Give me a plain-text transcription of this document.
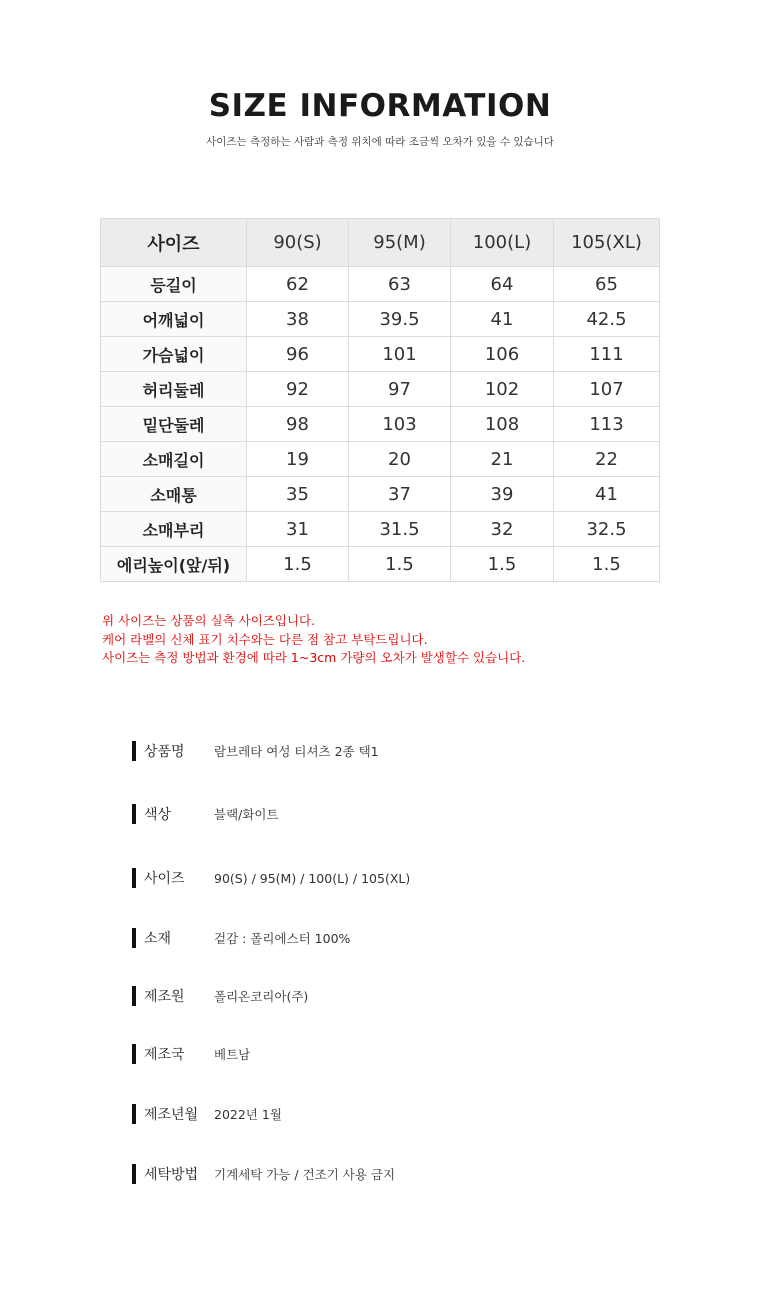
SIZE INFORMATION
사이즈는 측정하는 사람과 측정 위치에 따라 조금씩 오차가 있을 수 있습니다
사이즈	90(S)	95(M)	100(L)	105(XL)
등길이	62	63	64	65
어깨넓이	38	39.5	41	42.5
가슴넓이	96	101	106	111
허리둘레	92	97	102	107
밑단둘레	98	103	108	113
소매길이	19	20	21	22
소매통	35	37	39	41
소매부리	31	31.5	32	32.5
에리높이(앞/뒤)	1.5	1.5	1.5	1.5
위 사이즈는 상품의 실측 사이즈입니다.
케어 라벨의 신체 표기 치수와는 다른 점 참고 부탁드립니다.
사이즈는 측정 방법과 환경에 따라 1~3cm 가량의 오차가 발생할수 있습니다.
상품명	람브레타 여성 티셔츠 2종 택1
색상	블랙/화이트
사이즈	90(S) / 95(M) / 100(L) / 105(XL)
소재	겉감 : 폴리에스터 100%
제조원	폴리온코리아(주)
제조국	베트남
제조년월	2022년 1월
세탁방법	기계세탁 가능 / 건조기 사용 금지
